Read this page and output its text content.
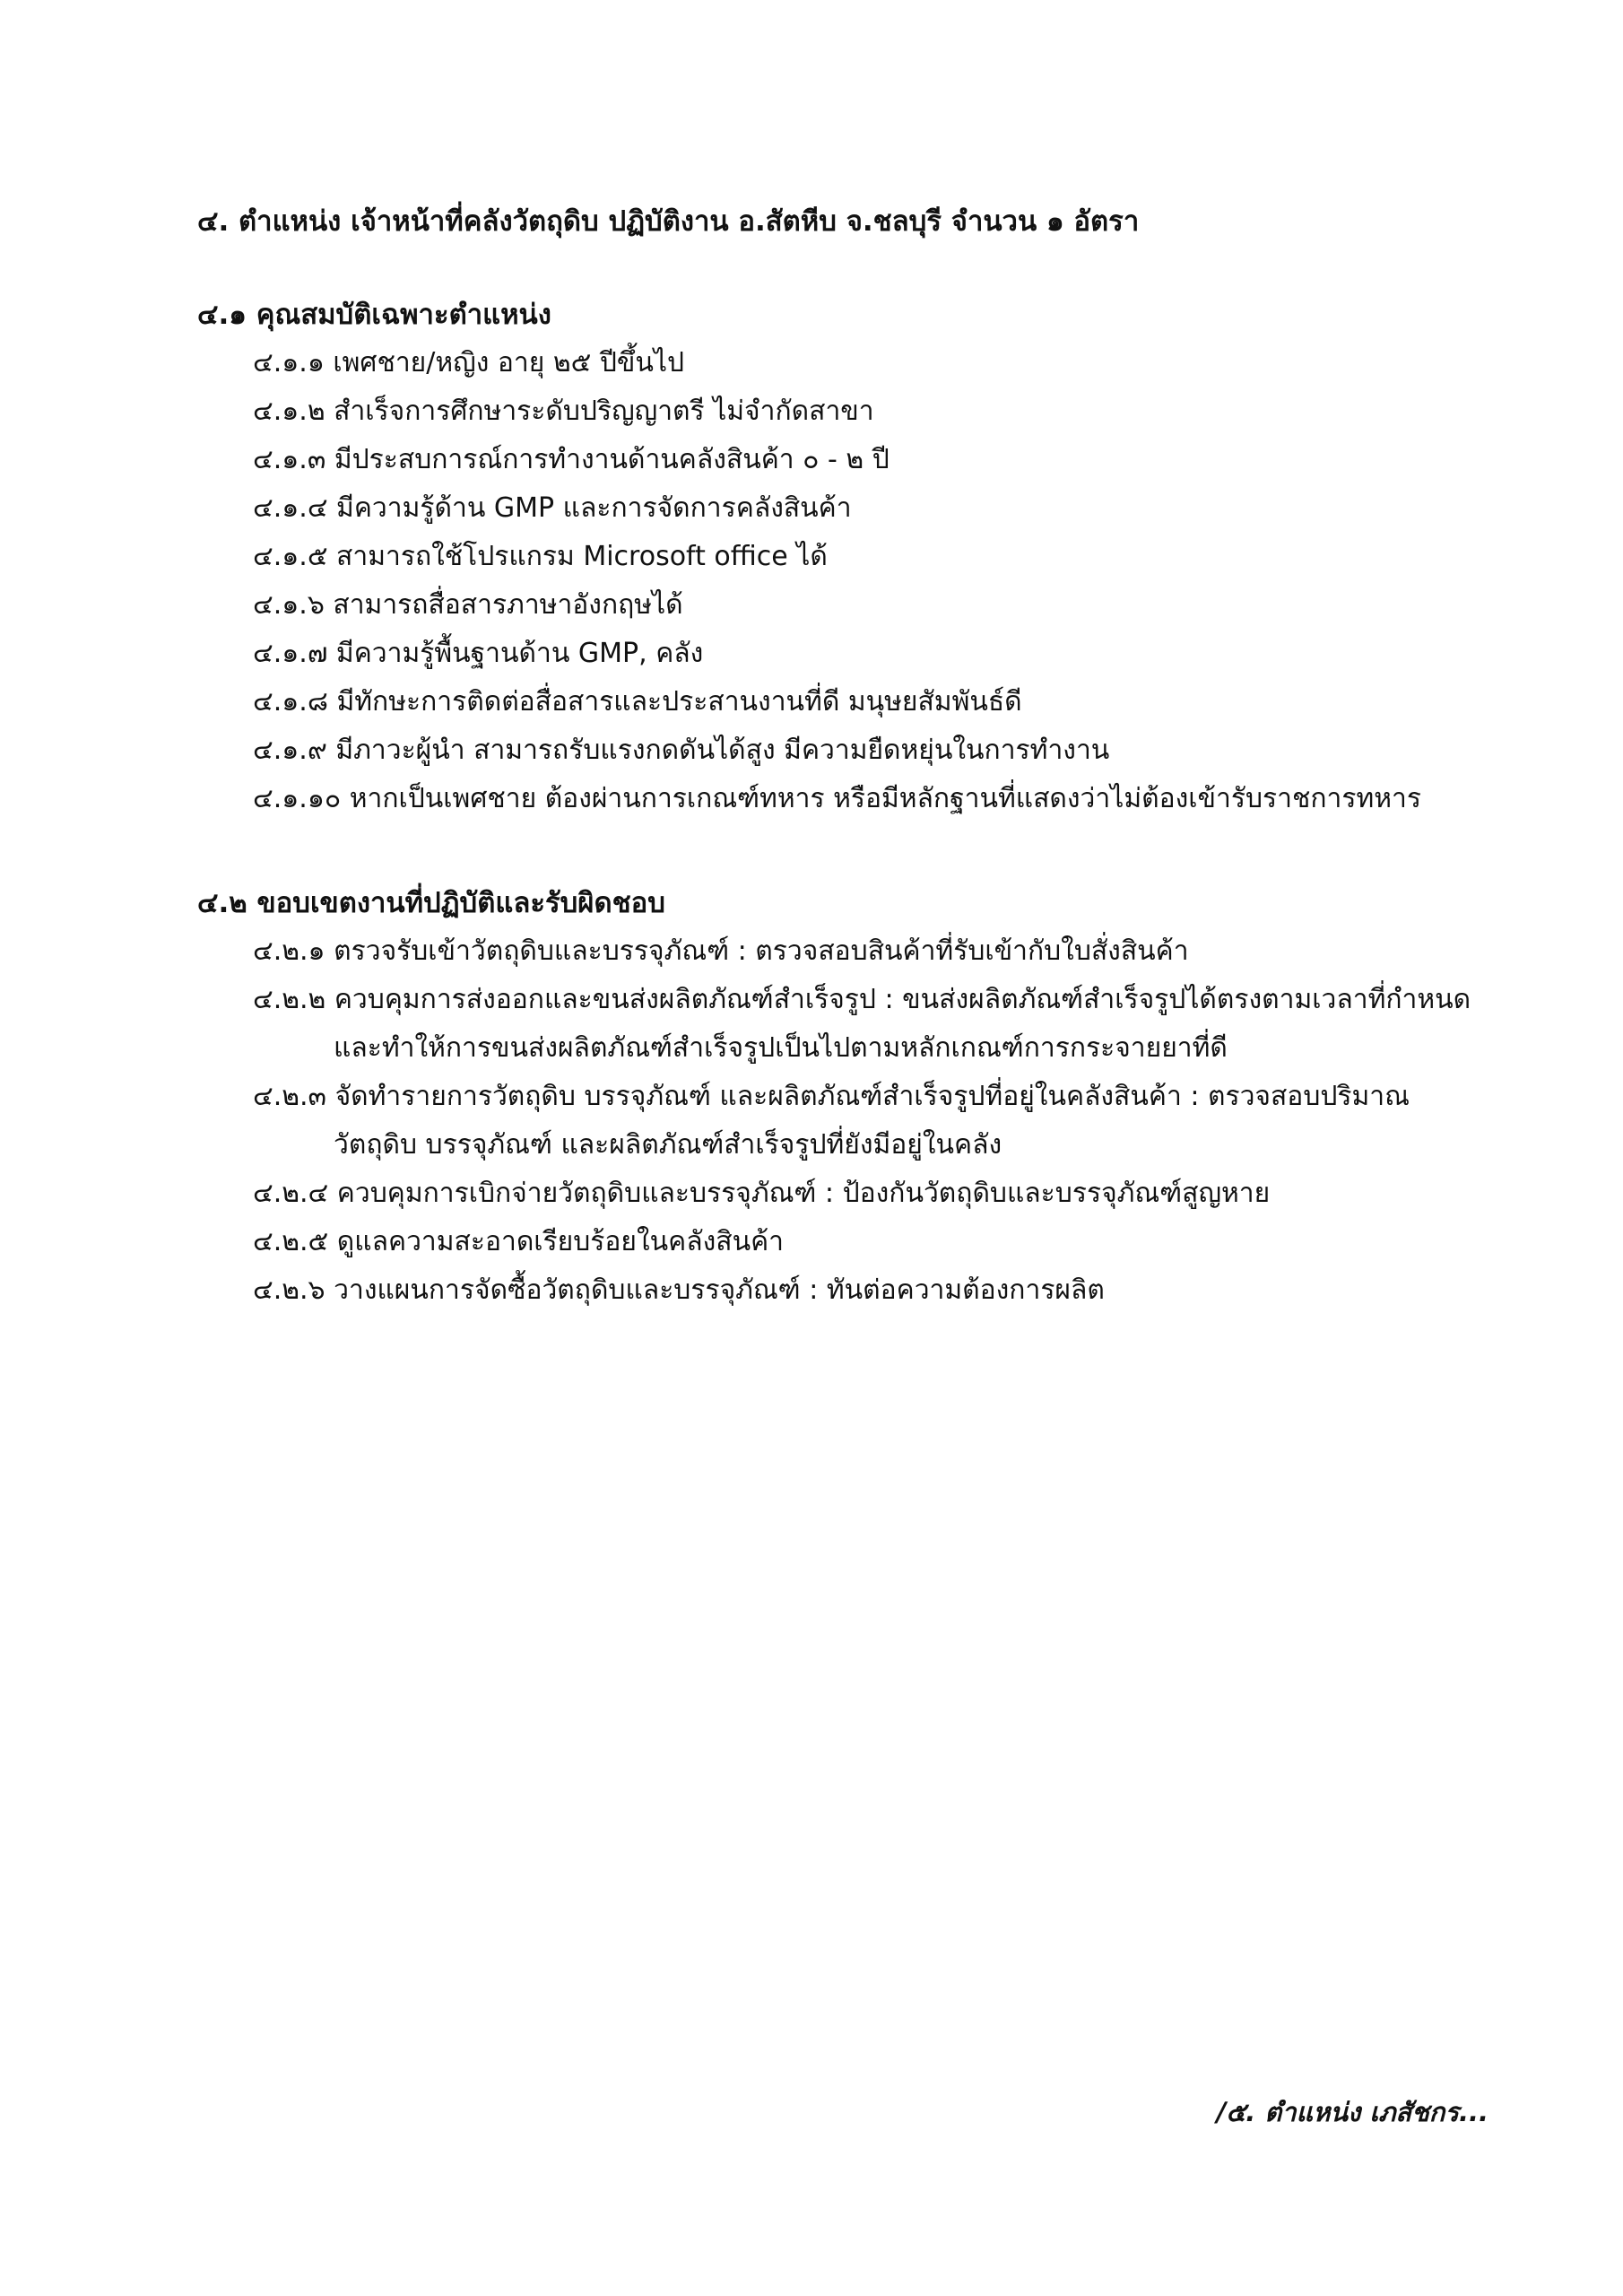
๔. ตำแหน่ง เจ้าหน้าที่คลังวัตถุดิบ ปฏิบัติงาน อ.สัตหีบ จ.ชลบุรี จำนวน ๑ อัตรา
๔.๑ คุณสมบัติเฉพาะตำแหน่ง
๔.๑.๑ เพศชาย/หญิง อายุ ๒๕ ปีขึ้นไป
๔.๑.๒ สำเร็จการศึกษาระดับปริญญาตรี ไม่จำกัดสาขา
๔.๑.๓ มีประสบการณ์การทำงานด้านคลังสินค้า ๐ - ๒ ปี
๔.๑.๔ มีความรู้ด้าน GMP และการจัดการคลังสินค้า
๔.๑.๕ สามารถใช้โปรแกรม Microsoft office ได้
๔.๑.๖ สามารถสื่อสารภาษาอังกฤษได้
๔.๑.๗ มีความรู้พื้นฐานด้าน GMP, คลัง
๔.๑.๘ มีทักษะการติดต่อสื่อสารและประสานงานที่ดี มนุษยสัมพันธ์ดี
๔.๑.๙ มีภาวะผู้นำ สามารถรับแรงกดดันได้สูง มีความยืดหยุ่นในการทำงาน
๔.๑.๑๐ หากเป็นเพศชาย ต้องผ่านการเกณฑ์ทหาร หรือมีหลักฐานที่แสดงว่าไม่ต้องเข้ารับราชการทหาร
๔.๒ ขอบเขตงานที่ปฏิบัติและรับผิดชอบ
๔.๒.๑ ตรวจรับเข้าวัตถุดิบและบรรจุภัณฑ์ : ตรวจสอบสินค้าที่รับเข้ากับใบสั่งสินค้า
๔.๒.๒ ควบคุมการส่งออกและขนส่งผลิตภัณฑ์สำเร็จรูป : ขนส่งผลิตภัณฑ์สำเร็จรูปได้ตรงตามเวลาที่กำหนด
และทำให้การขนส่งผลิตภัณฑ์สำเร็จรูปเป็นไปตามหลักเกณฑ์การกระจายยาที่ดี
๔.๒.๓ จัดทำรายการวัตถุดิบ บรรจุภัณฑ์ และผลิตภัณฑ์สำเร็จรูปที่อยู่ในคลังสินค้า : ตรวจสอบปริมาณ
วัตถุดิบ บรรจุภัณฑ์ และผลิตภัณฑ์สำเร็จรูปที่ยังมีอยู่ในคลัง
๔.๒.๔ ควบคุมการเบิกจ่ายวัตถุดิบและบรรจุภัณฑ์ : ป้องกันวัตถุดิบและบรรจุภัณฑ์สูญหาย
๔.๒.๕ ดูแลความสะอาดเรียบร้อยในคลังสินค้า
๔.๒.๖ วางแผนการจัดซื้อวัตถุดิบและบรรจุภัณฑ์ : ทันต่อความต้องการผลิต
/๕. ตำแหน่ง เภสัชกร...
